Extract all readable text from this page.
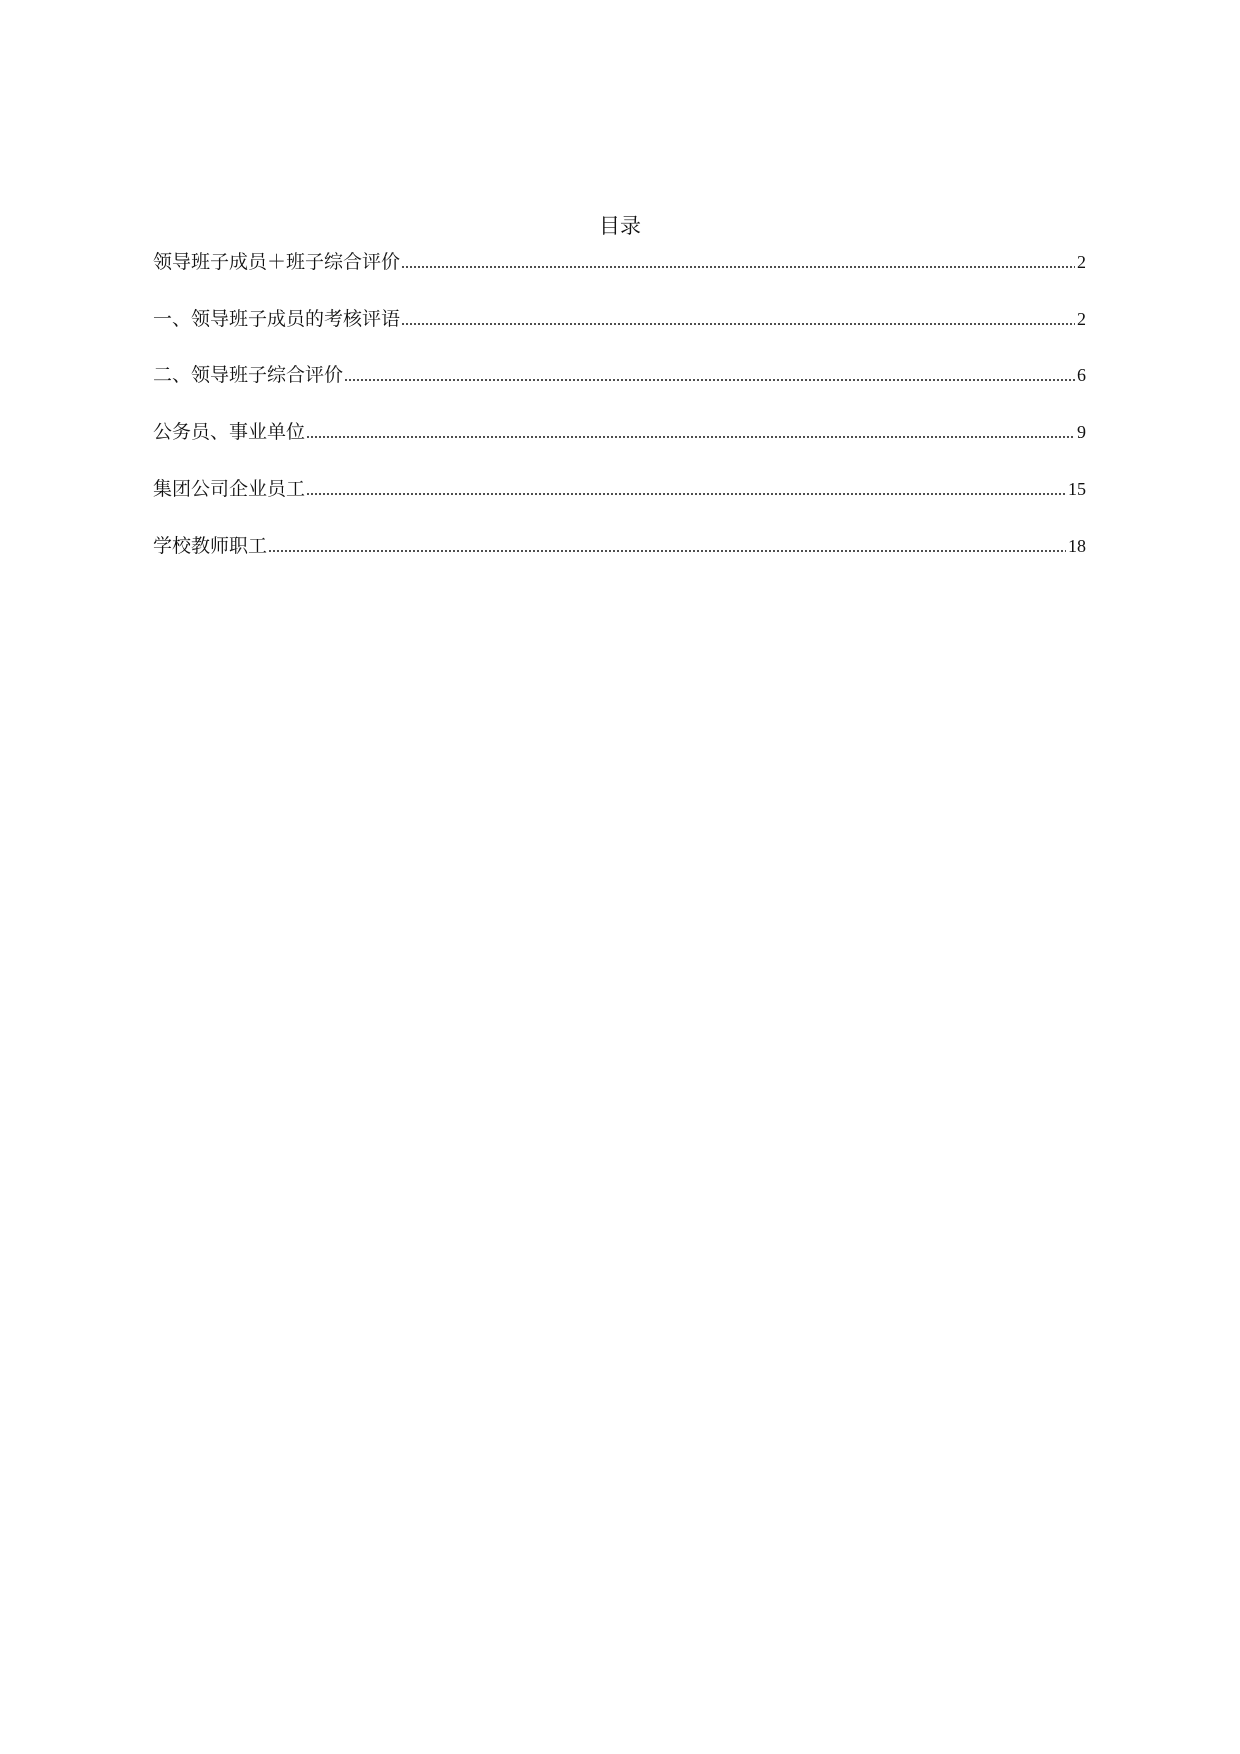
目录
领导班子成员＋班子综合评价	2
一、领导班子成员的考核评语	2
二、领导班子综合评价	6
公务员、事业单位	9
集团公司企业员工	15
学校教师职工	18
